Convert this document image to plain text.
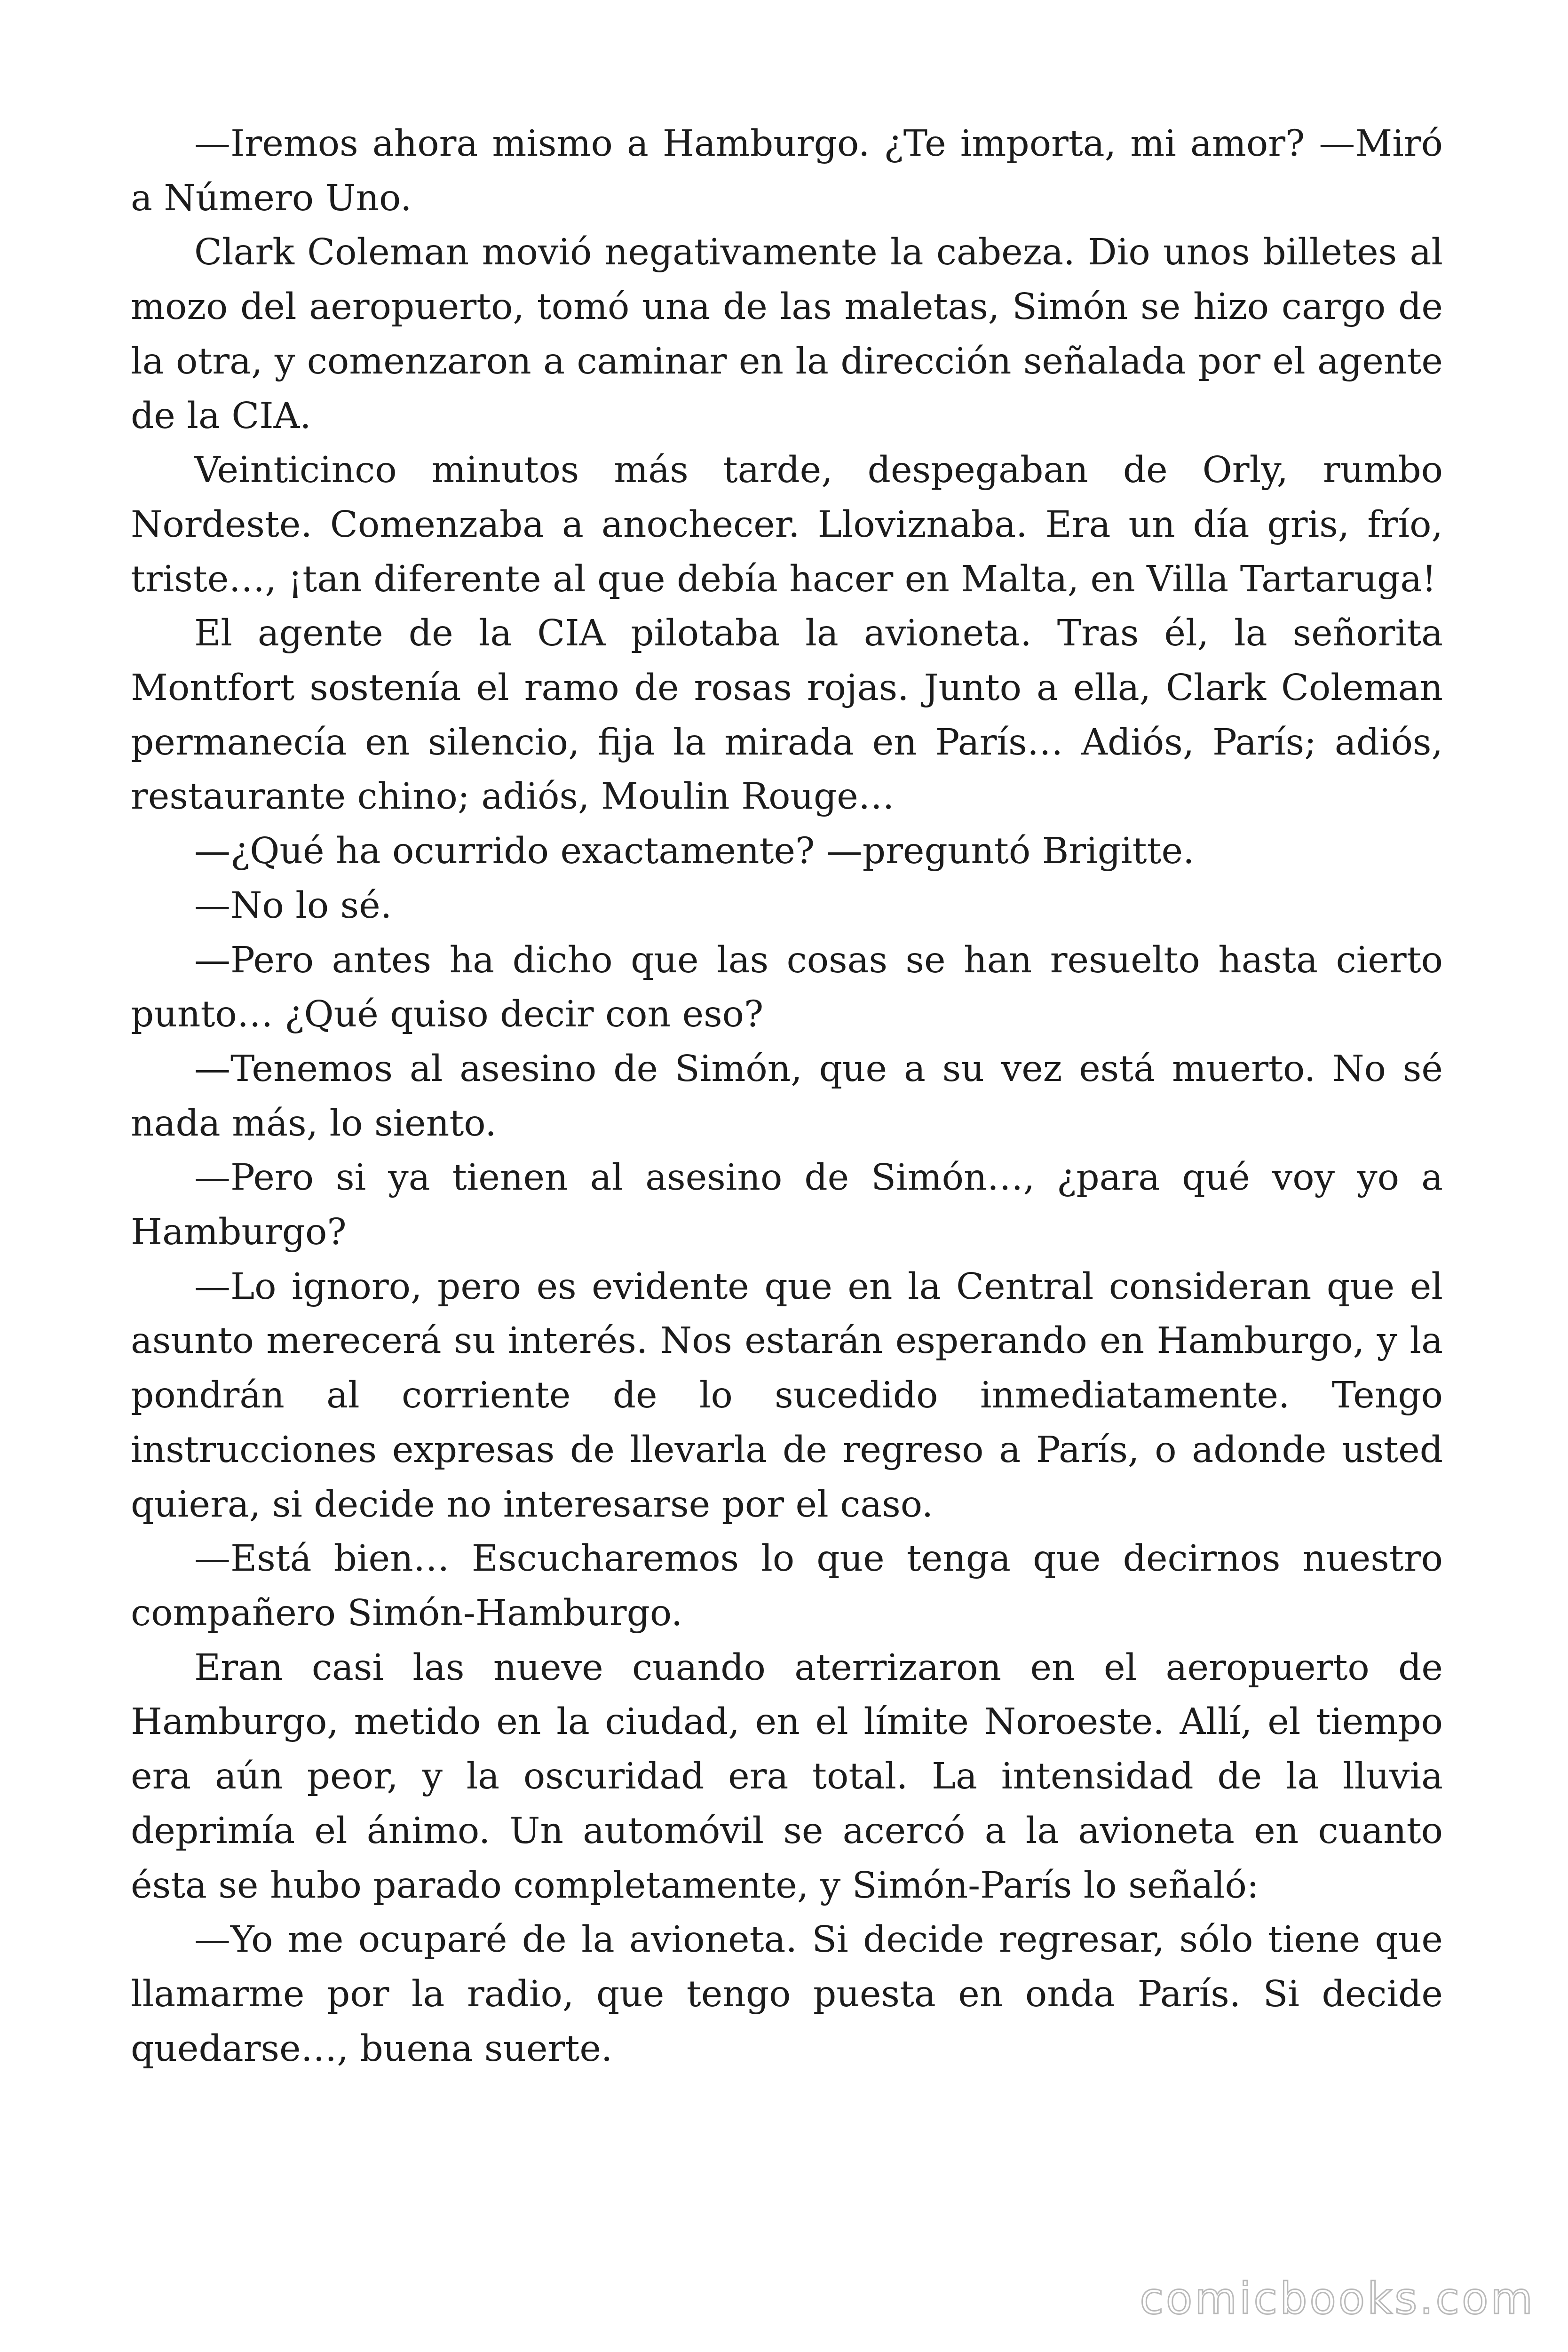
—Iremos ahora mismo a Hamburgo. ¿Te importa, mi amor? —Miró a Número Uno.

Clark Coleman movió negativamente la cabeza. Dio unos billetes al mozo del aeropuerto, tomó una de las maletas, Simón se hizo cargo de la otra, y comenzaron a caminar en la dirección señalada por el agente de la CIA.

Veinticinco minutos más tarde, despegaban de Orly, rumbo Nordeste. Comenzaba a anochecer. Lloviznaba. Era un día gris, frío, triste…, ¡tan diferente al que debía hacer en Malta, en Villa Tartaruga!

El agente de la CIA pilotaba la avioneta. Tras él, la señorita Montfort sostenía el ramo de rosas rojas. Junto a ella, Clark Coleman permanecía en silencio, fija la mirada en París… Adiós, París; adiós, restaurante chino; adiós, Moulin Rouge…

—¿Qué ha ocurrido exactamente? —preguntó Brigitte.

—No lo sé.

—Pero antes ha dicho que las cosas se han resuelto hasta cierto punto… ¿Qué quiso decir con eso?

—Tenemos al asesino de Simón, que a su vez está muerto. No sé nada más, lo siento.

—Pero si ya tienen al asesino de Simón…, ¿para qué voy yo a Hamburgo?

—Lo ignoro, pero es evidente que en la Central consideran que el asunto merecerá su interés. Nos estarán esperando en Hamburgo, y la pondrán al corriente de lo sucedido inmediatamente. Tengo instrucciones expresas de llevarla de regreso a París, o adonde usted quiera, si decide no interesarse por el caso.

—Está bien… Escucharemos lo que tenga que decirnos nuestro compañero Simón-Hamburgo.

Eran casi las nueve cuando aterrizaron en el aeropuerto de Hamburgo, metido en la ciudad, en el límite Noroeste. Allí, el tiempo era aún peor, y la oscuridad era total. La intensidad de la lluvia deprimía el ánimo. Un automóvil se acercó a la avioneta en cuanto ésta se hubo parado completamente, y Simón-París lo señaló:

—Yo me ocuparé de la avioneta. Si decide regresar, sólo tiene que llamarme por la radio, que tengo puesta en onda París. Si decide quedarse…, buena suerte.

comicbooks.com
